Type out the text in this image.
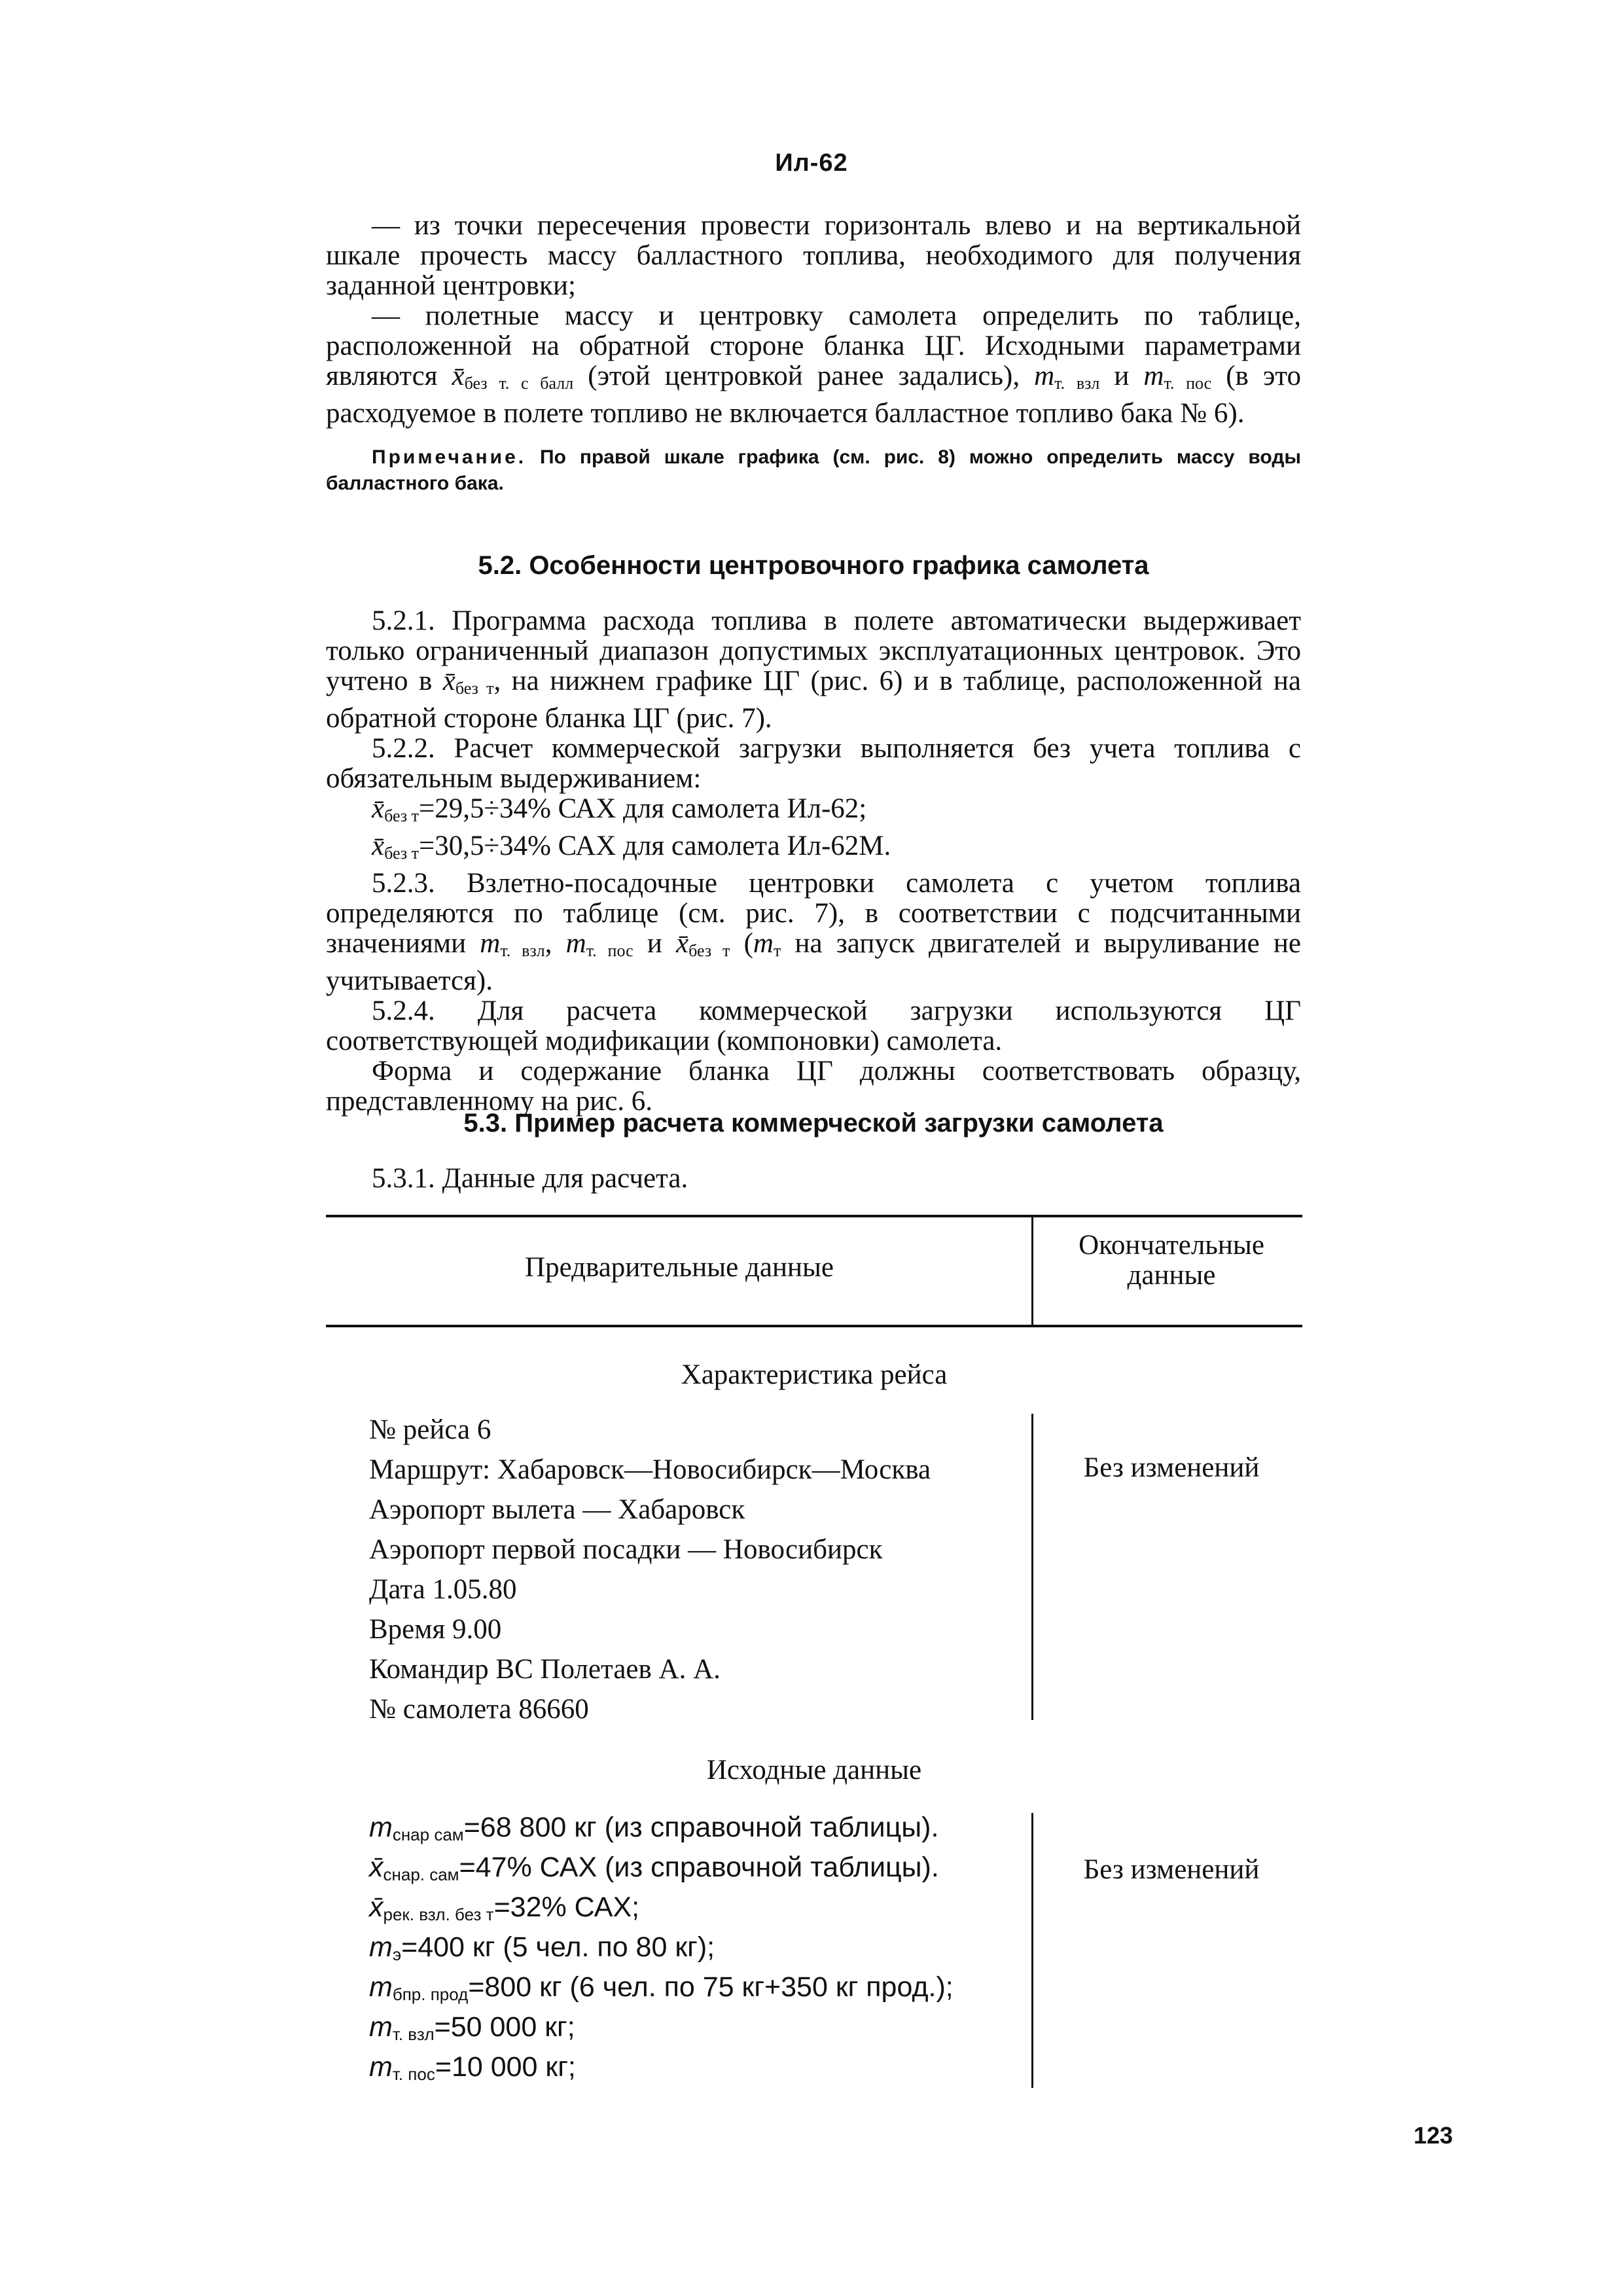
Ил-62

— из точки пересечения провести горизонталь влево и на вертикальной шкале прочесть массу балластного топлива, необходимого для получения заданной центровки;

— полетные массу и центровку самолета определить по таблице, расположенной на обратной стороне бланка ЦГ. Исходными параметрами являются $x̄_{без т. с балл}$ (этой центровкой ранее задались), $m_{т. взл}$ и $m_{т. пос}$ (в это расходуемое в полете топливо не включается балластное топливо бака № 6).

Примечание. По правой шкале графика (см. рис. 8) можно определить массу воды балластного бака.

5.2. Особенности центровочного графика самолета

5.2.1. Программа расхода топлива в полете автоматически выдерживает только ограниченный диапазон допустимых эксплуатационных центровок. Это учтено в $x̄_{без т}$, на нижнем графике ЦГ (рис. 6) и в таблице, расположенной на обратной стороне бланка ЦГ (рис. 7).

5.2.2. Расчет коммерческой загрузки выполняется без учета топлива с обязательным выдерживанием:

$x̄_{без т}=29,5\div 34\%$ САХ для самолета Ил-62;

$x̄_{без т}=30,5\div 34\%$ САХ для самолета Ил-62М.

5.2.3. Взлетно-посадочные центровки самолета с учетом топлива определяются по таблице (см. рис. 7), в соответствии с подсчитанными значениями $m_{т. взл}$, $m_{т. пос}$ и $x̄_{без т}$ ($m_т$ на запуск двигателей и выруливание не учитывается).

5.2.4. Для расчета коммерческой загрузки используются ЦГ соответствующей модификации (компоновки) самолета.

Форма и содержание бланка ЦГ должны соответствовать образцу, представленному на рис. 6.

5.3. Пример расчета коммерческой загрузки самолета

5.3.1. Данные для расчета.

Предварительные данные
Окончательные
данные
Характеристика рейса
№ рейса 6
Маршрут: Хабаровск—Новосибирск—Москва
Аэропорт вылета — Хабаровск
Аэропорт первой посадки — Новосибирск
Дата 1.05.80
Время 9.00
Командир ВС Полетаев А. А.
№ самолета 86660
Без изменений
Исходные данные
$m_{снар сам}=68$ 800 кг (из справочной таблицы).
$x̄_{снар. сам}=47\%$ САХ (из справочной таблицы).
$x̄_{рек. взл. без т}=32\%$ САХ;
$m_э=400$ кг (5 чел. по 80 кг);
$m_{бпр. прод}=800$ кг (6 чел. по 75 кг+350 кг прод.);
$m_{т. взл}=50$ 000 кг;
$m_{т. пос}=10$ 000 кг;
Без изменений
123
